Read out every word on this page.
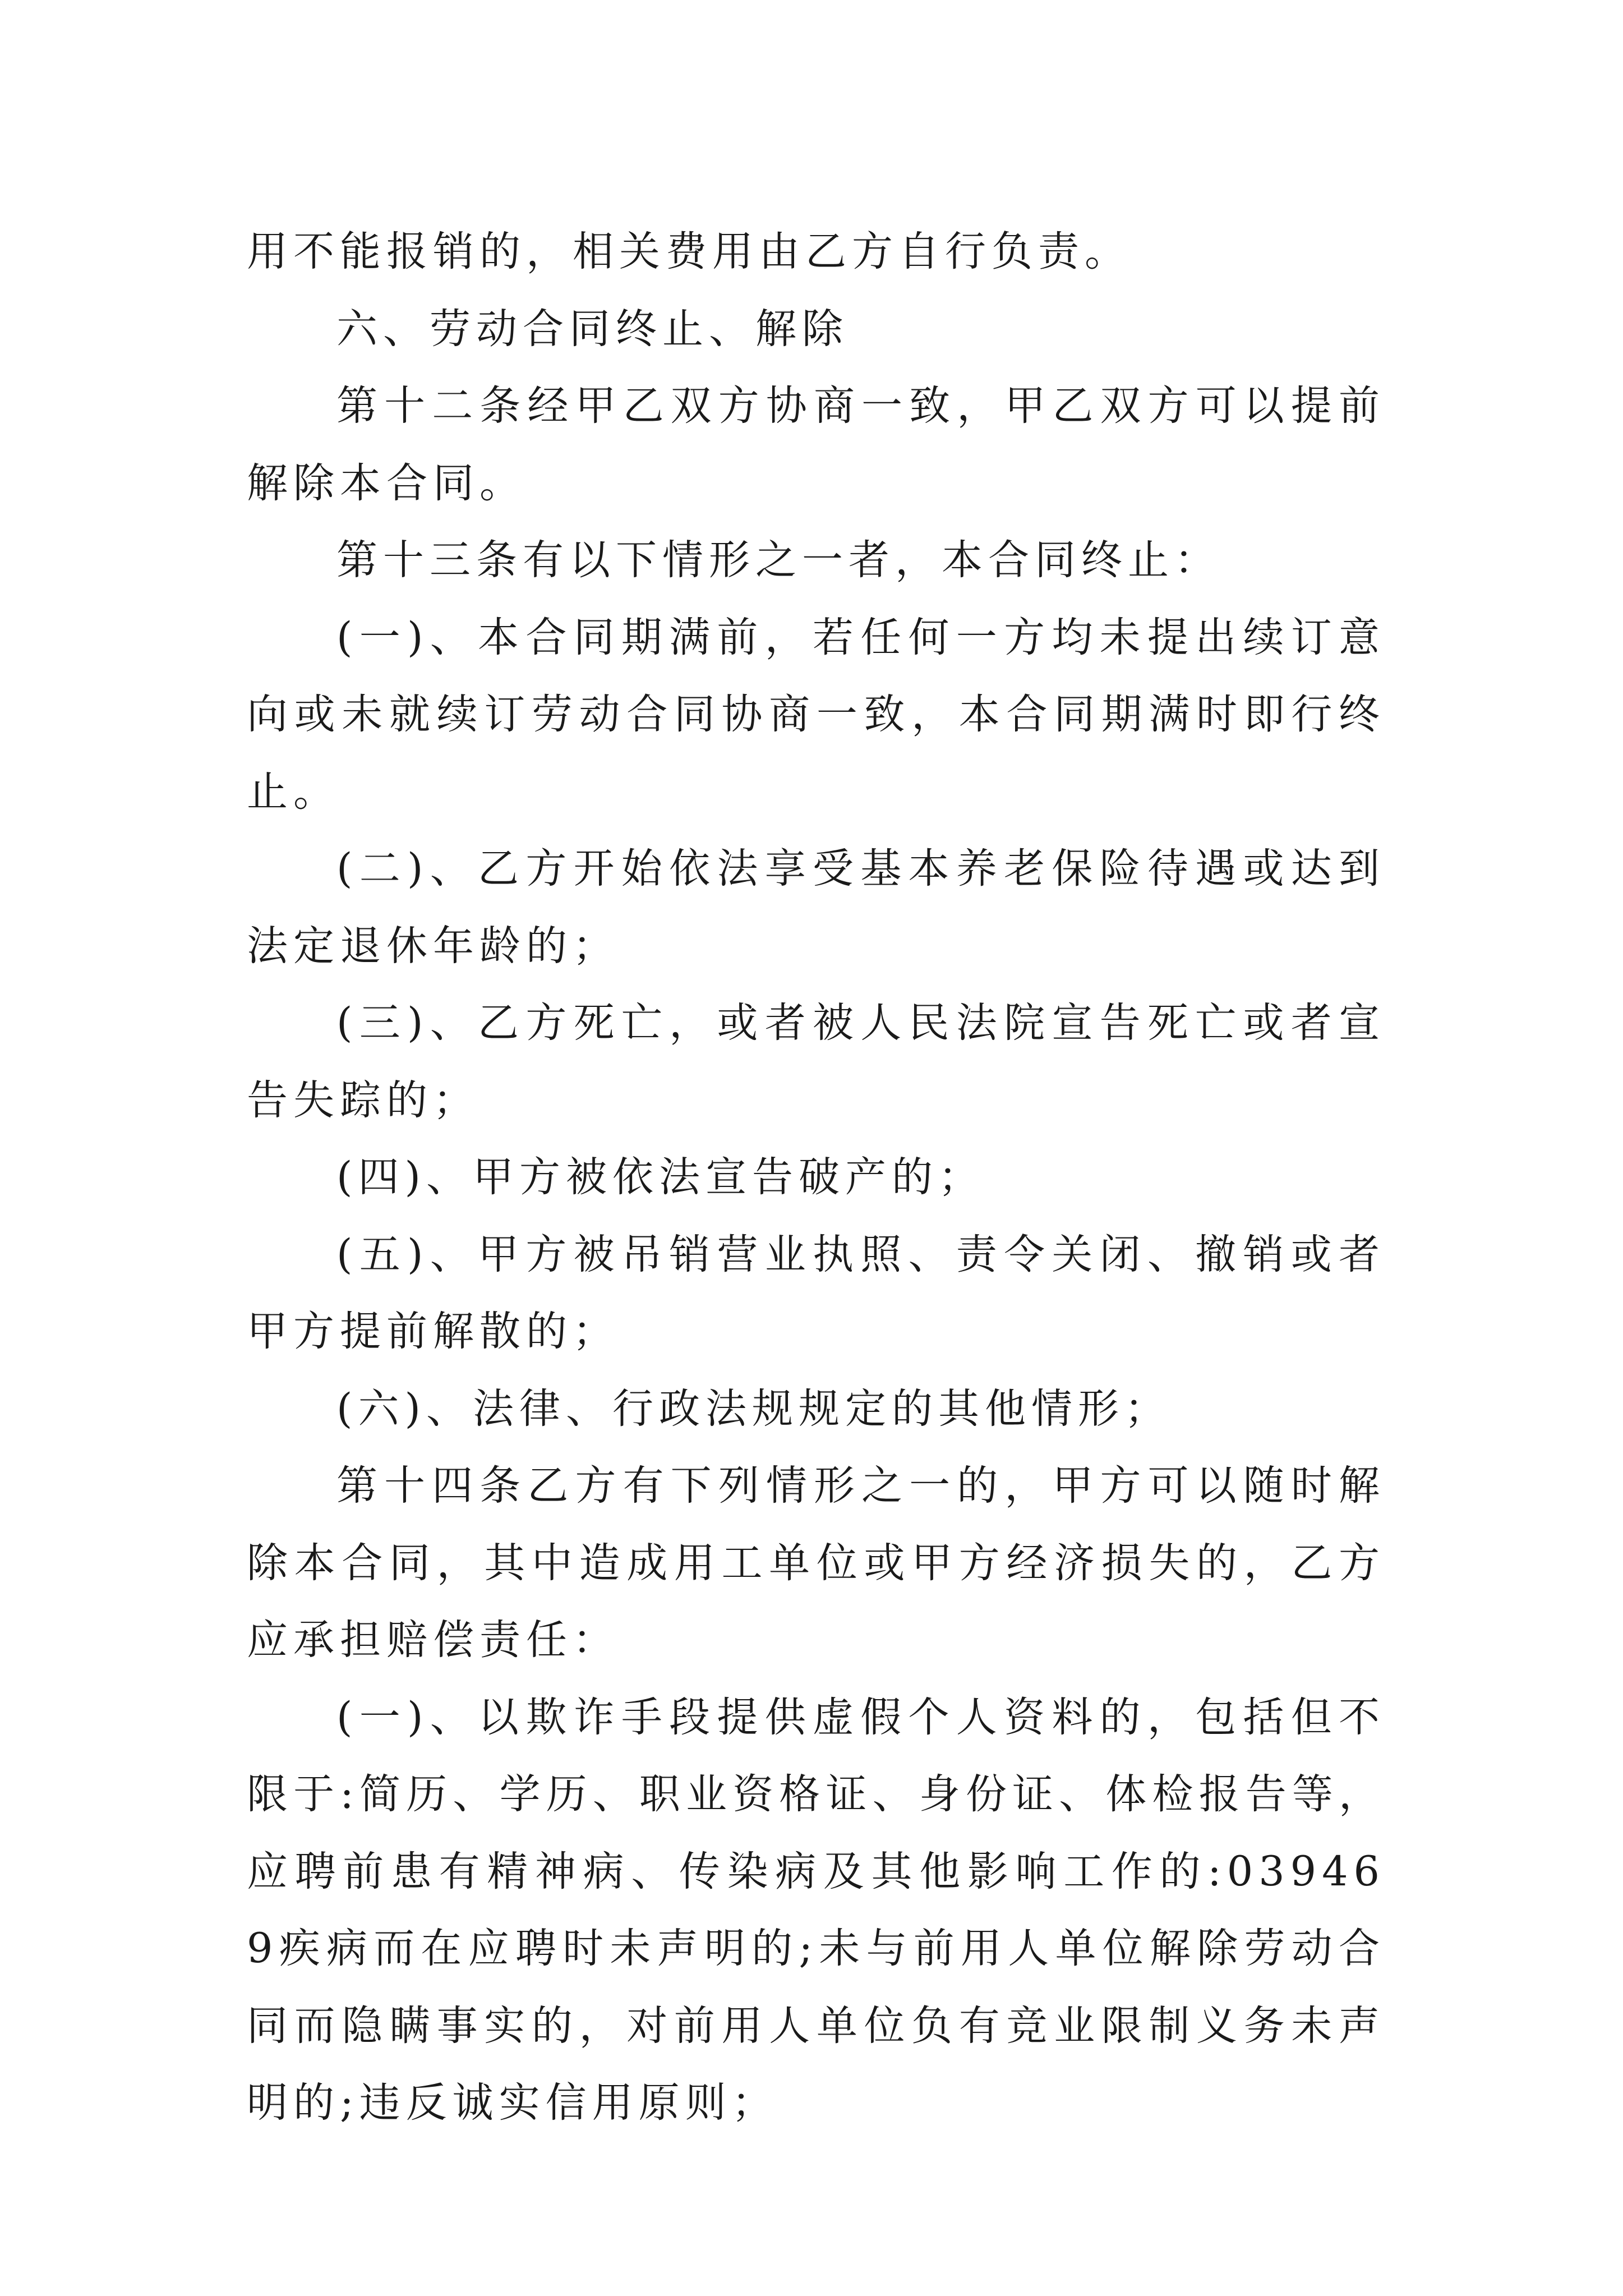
用不能报销的，相关费用由乙方自行负责。

六、劳动合同终止、解除

第十二条经甲乙双方协商一致，甲乙双方可以提前解除本合同。

第十三条有以下情形之一者，本合同终止：

(一)、本合同期满前，若任何一方均未提出续订意向或未就续订劳动合同协商一致，本合同期满时即行终止。

(二)、乙方开始依法享受基本养老保险待遇或达到法定退休年龄的；

(三)、乙方死亡，或者被人民法院宣告死亡或者宣告失踪的；

(四)、甲方被依法宣告破产的；

(五)、甲方被吊销营业执照、责令关闭、撤销或者甲方提前解散的；

(六)、法律、行政法规规定的其他情形；

第十四条乙方有下列情形之一的，甲方可以随时解除本合同，其中造成用工单位或甲方经济损失的，乙方应承担赔偿责任：

(一)、以欺诈手段提供虚假个人资料的，包括但不限于:简历、学历、职业资格证、身份证、体检报告等，应聘前患有精神病、传染病及其他影响工作的:039469疾病而在应聘时未声明的;未与前用人单位解除劳动合同而隐瞒事实的，对前用人单位负有竞业限制义务未声明的;违反诚实信用原则；
